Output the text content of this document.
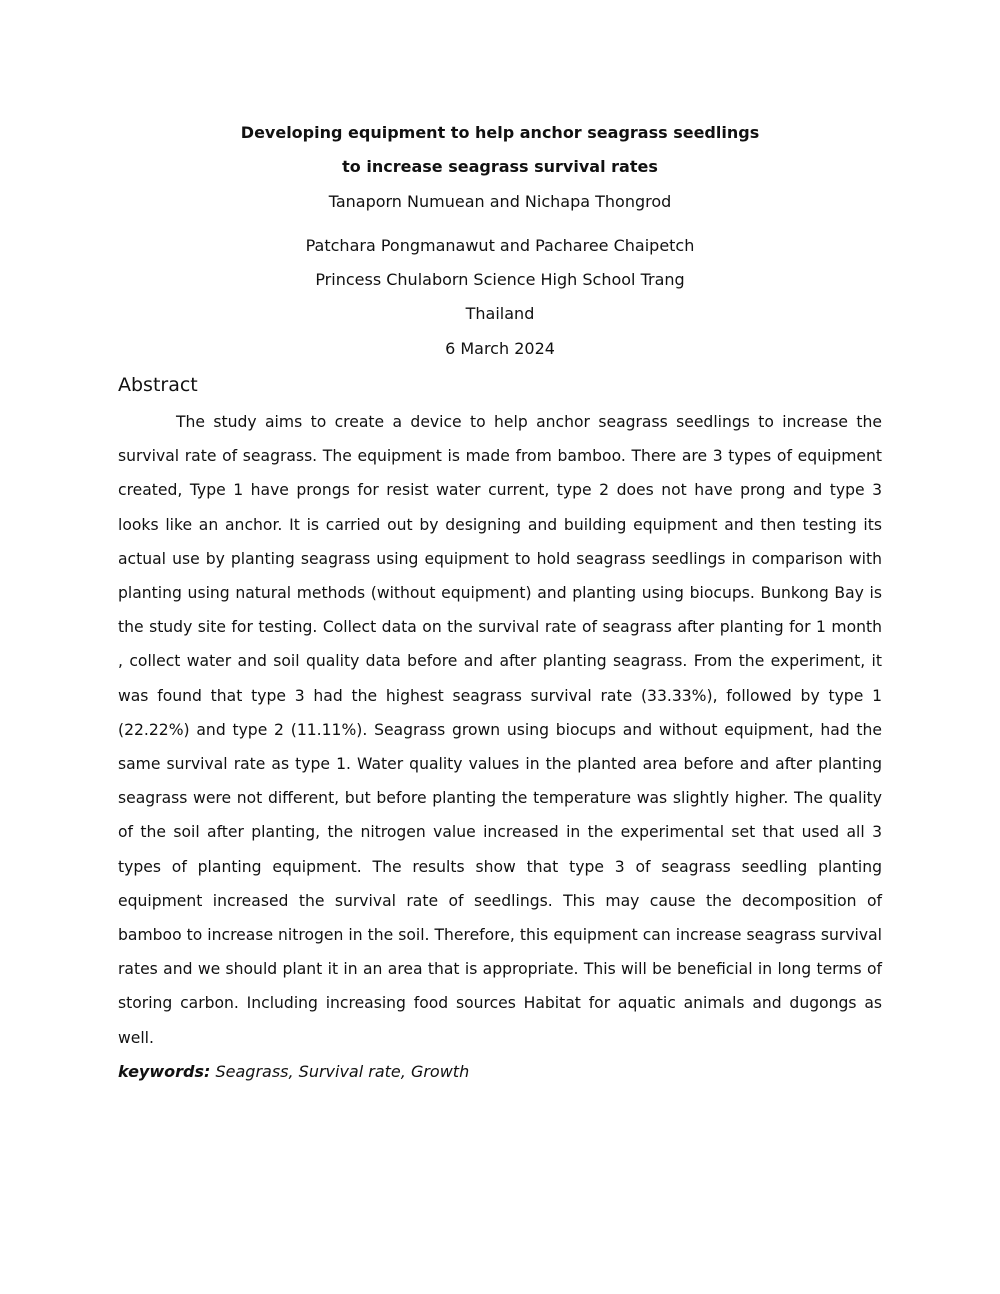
Developing equipment to help anchor seagrass seedlings
to increase seagrass survival rates
Tanaporn Numuean and Nichapa Thongrod
Patchara Pongmanawut and Pacharee Chaipetch
Princess Chulaborn Science High School Trang
Thailand
6 March 2024
Abstract

The study aims to create a device to help anchor seagrass seedlings to increase the survival rate of seagrass. The equipment is made from bamboo. There are 3 types of equipment created, Type 1 have prongs for resist water current, type 2 does not have prong and type 3 looks like an anchor. It is carried out by designing and building equipment and then testing its actual use by planting seagrass using equipment to hold seagrass seedlings in comparison with planting using natural methods (without equipment) and planting using biocups. Bunkong Bay is the study site for testing. Collect data on the survival rate of seagrass after planting for 1 month , collect water and soil quality data before and after planting seagrass. From the experiment, it was found that type 3 had the highest seagrass survival rate (33.33%), followed by type 1 (22.22%) and type 2 (11.11%). Seagrass grown using biocups and without equipment, had the same survival rate as type 1. Water quality values in the planted area before and after planting seagrass were not different, but before planting the temperature was slightly higher. The quality of the soil after planting, the nitrogen value increased in the experimental set that used all 3 types of planting equipment. The results show that type 3 of seagrass seedling planting equipment increased the survival rate of seedlings. This may cause the decomposition of bamboo to increase nitrogen in the soil. Therefore, this equipment can increase seagrass survival rates and we should plant it in an area that is appropriate. This will be beneficial in long terms of storing carbon. Including increasing food sources Habitat for aquatic animals and dugongs as well.

keywords: Seagrass, Survival rate, Growth
